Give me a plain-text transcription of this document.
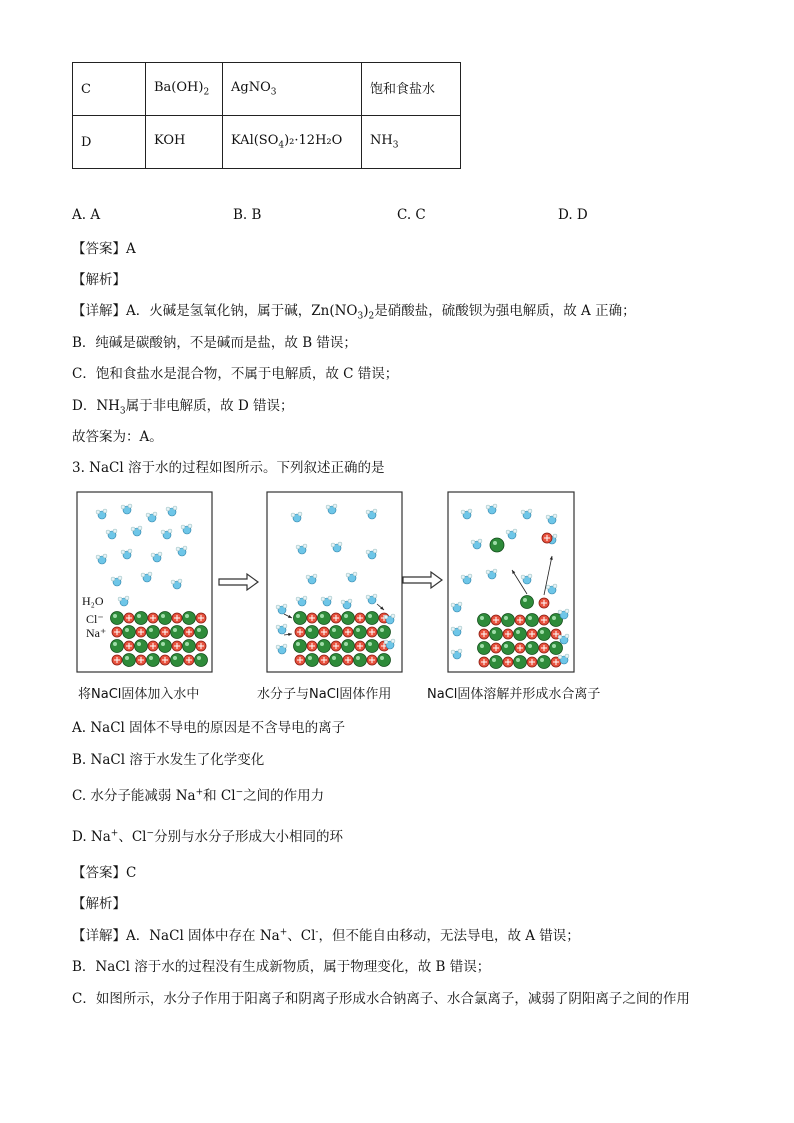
C	$Ba(OH)_2$	AgNO$_3$	饱和食盐水
D	KOH	$KAl(SO_4)_2\cdot 12H_2O$	$NH_3$
A. A	B. B	C. C	D. D
【答案】A
【解析】
【详解】A．火碱是氢氧化钠，属于碱，$Zn(NO_3)_2$是硝酸盐，硫酸钡为强电解质，故 A 正确；
B．纯碱是碳酸钠，不是碱而是盐，故 B 错误；
C．饱和食盐水是混合物，不属于电解质，故 C 错误；
D．$NH_3$属于非电解质，故 D 错误；
故答案为：A。
3. NaCl 溶于水的过程如图所示。下列叙述正确的是
H₂O
Cl⁻
Na⁺
将NaCl固体加入水中	水分子与NaCl固体作用	NaCl固体溶解并形成水合离子
A. NaCl 固体不导电的原因是不含导电的离子
B. NaCl 溶于水发生了化学变化
C. 水分子能减弱 Na+和 Cl−之间的作用力
D. Na+、Cl−分别与水分子形成大小相同的环
【答案】C
【解析】
【详解】A．NaCl 固体中存在 Na+、Cl-，但不能自由移动，无法导电，故 A 错误；
B．NaCl 溶于水的过程没有生成新物质，属于物理变化，故 B 错误；
C．如图所示，水分子作用于阳离子和阴离子形成水合钠离子、水合氯离子，减弱了阴阳离子之间的作用
